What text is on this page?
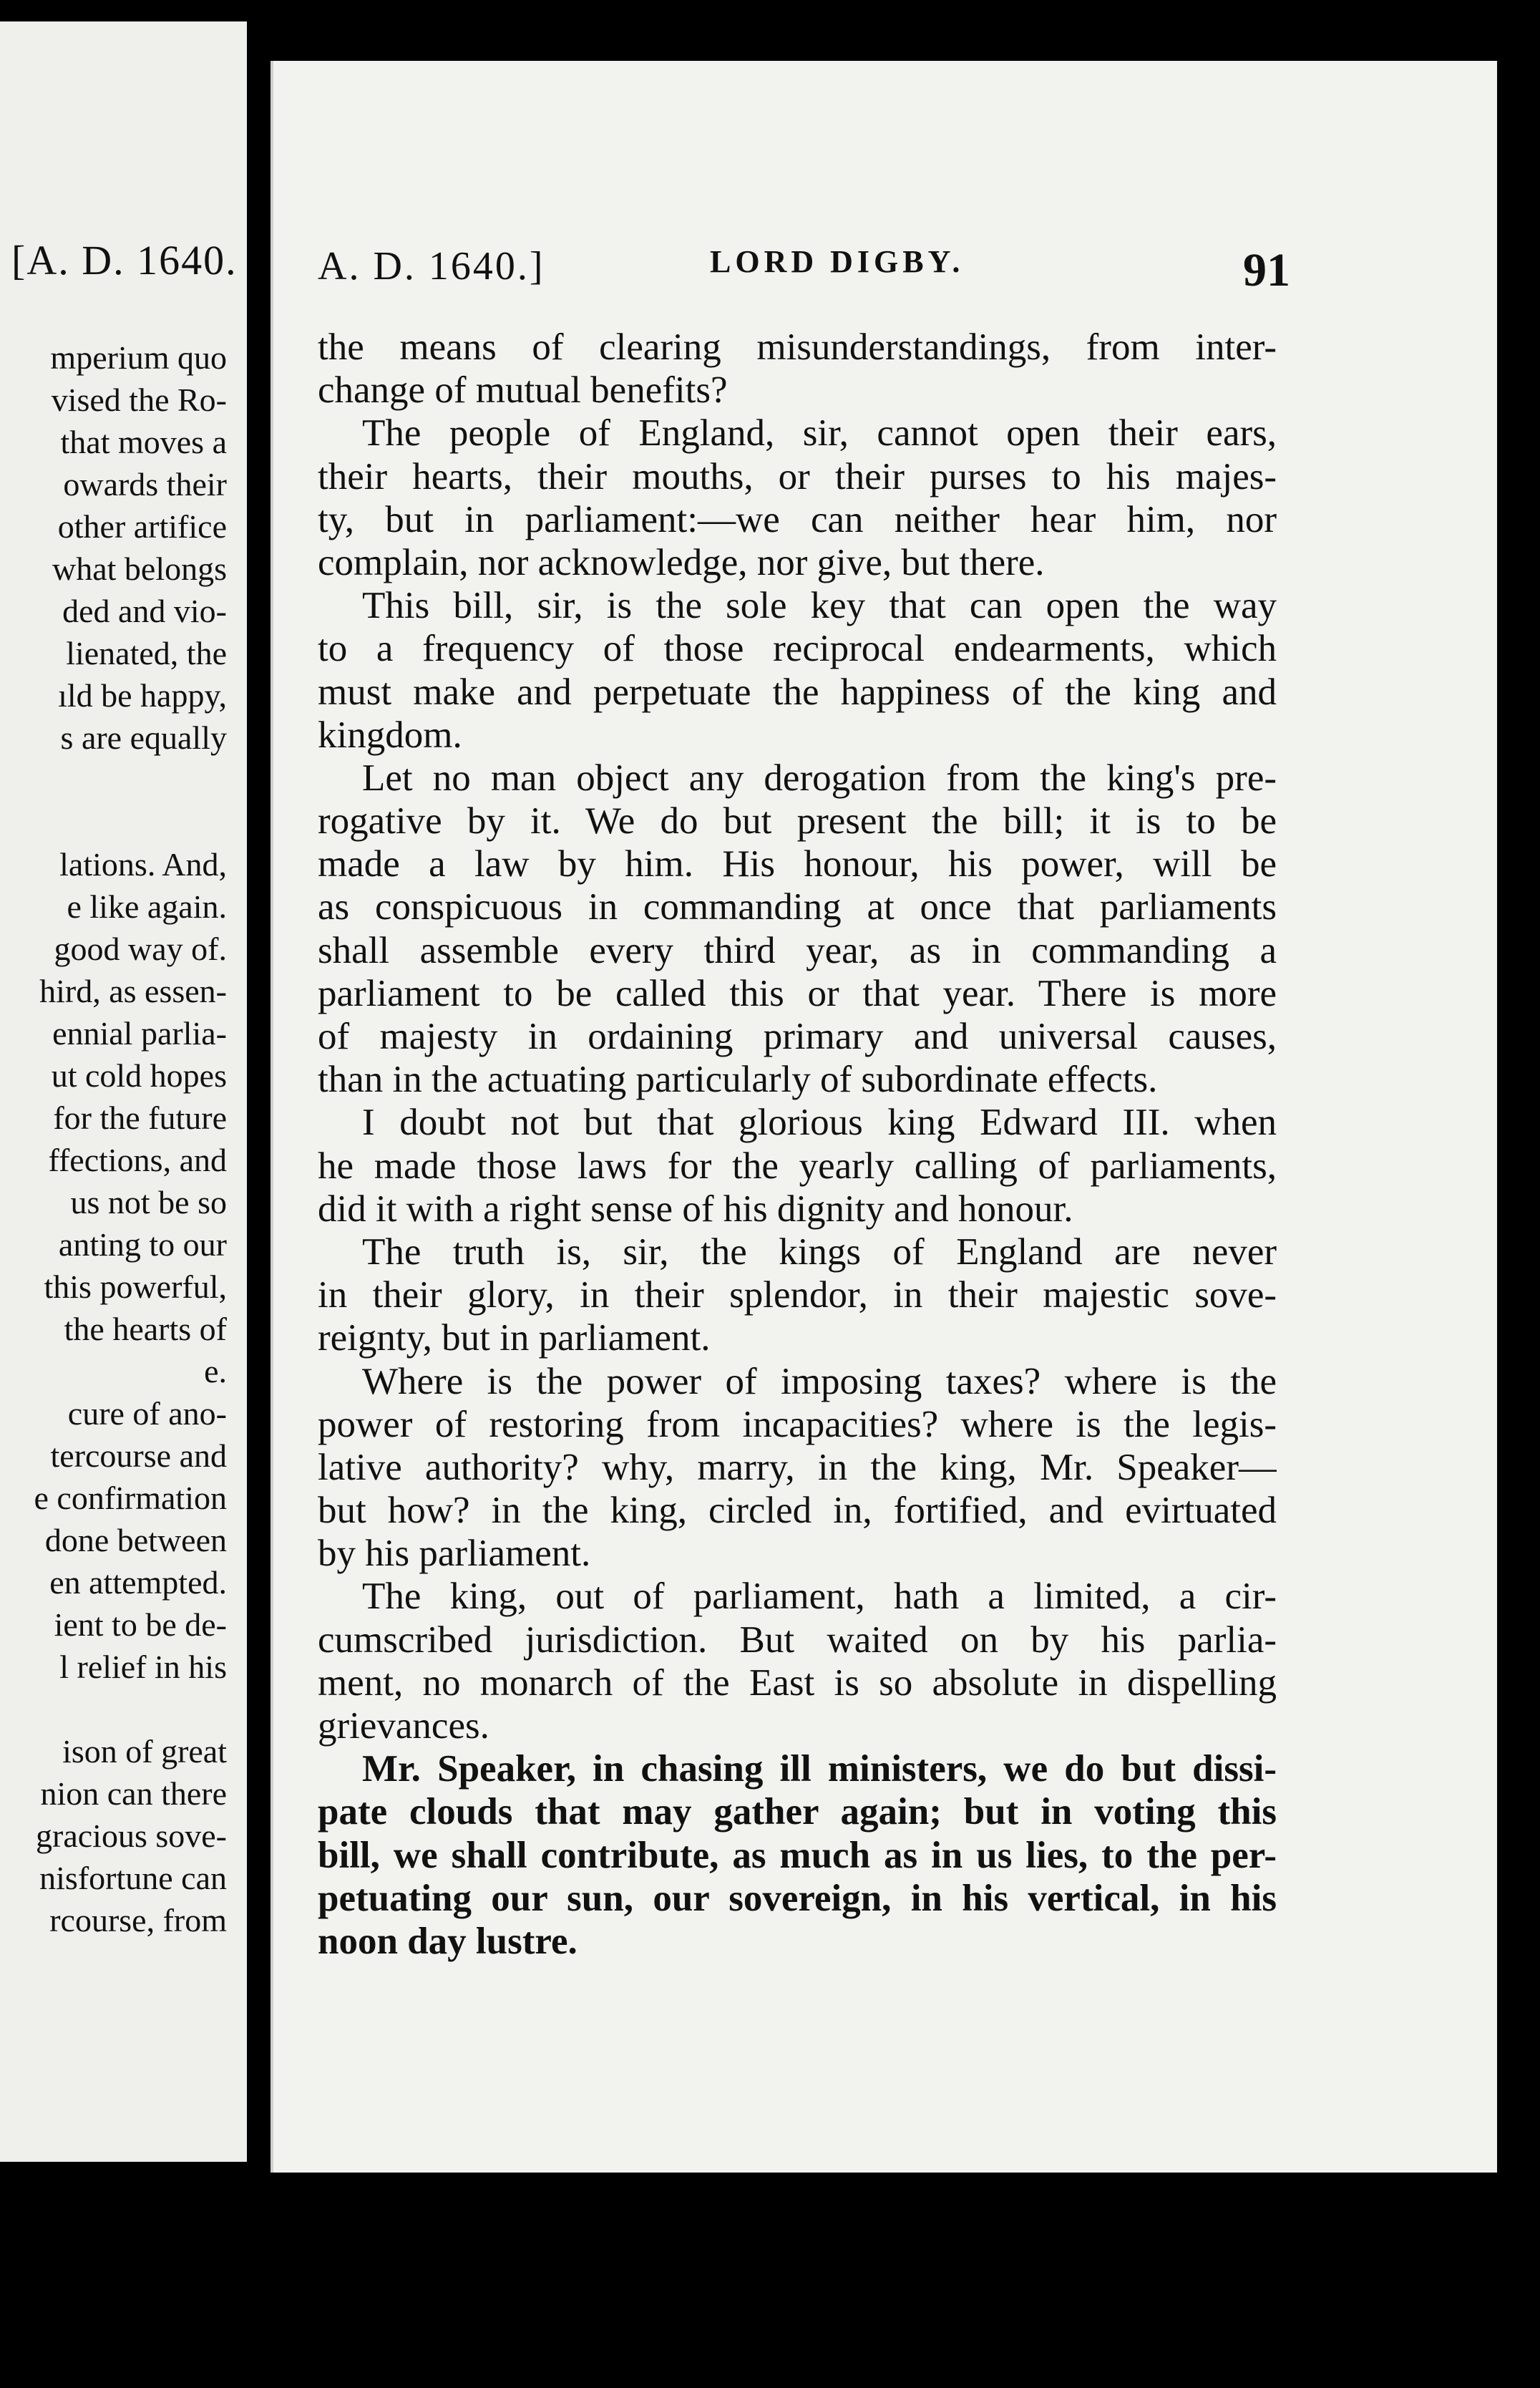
[A. D. 1640.
mperium quo
vised the Ro-
that moves a
owards their
other artifice
what belongs
ded and vio-
lienated, the
ıld be happy,
s are equally
lations. And,
e like again.
good way of.
hird, as essen-
ennial parlia-
ut cold hopes
for the future
ffections, and
us not be so
anting to our
this powerful,
the hearts of
e.
cure of ano-
tercourse and
e confirmation
done between
en attempted.
ient to be de-
l relief in his
ison of great
nion can there
gracious sove-
nisfortune can
rcourse, from
A. D. 1640.]	LORD DIGBY.	91
the means of clearing misunderstandings, from inter-
change of mutual benefits?
The people of England, sir, cannot open their ears,
their hearts, their mouths, or their purses to his majes-
ty, but in parliament:—we can neither hear him, nor
complain, nor acknowledge, nor give, but there.
This bill, sir, is the sole key that can open the way
to a frequency of those reciprocal endearments, which
must make and perpetuate the happiness of the king and
kingdom.
Let no man object any derogation from the king's pre-
rogative by it. We do but present the bill; it is to be
made a law by him. His honour, his power, will be
as conspicuous in commanding at once that parliaments
shall assemble every third year, as in commanding a
parliament to be called this or that year. There is more
of majesty in ordaining primary and universal causes,
than in the actuating particularly of subordinate effects.
I doubt not but that glorious king Edward III. when
he made those laws for the yearly calling of parliaments,
did it with a right sense of his dignity and honour.
The truth is, sir, the kings of England are never
in their glory, in their splendor, in their majestic sove-
reignty, but in parliament.
Where is the power of imposing taxes? where is the
power of restoring from incapacities? where is the legis-
lative authority? why, marry, in the king, Mr. Speaker—
but how? in the king, circled in, fortified, and evirtuated
by his parliament.
The king, out of parliament, hath a limited, a cir-
cumscribed jurisdiction. But waited on by his parlia-
ment, no monarch of the East is so absolute in dispelling
grievances.
Mr. Speaker, in chasing ill ministers, we do but dissi-
pate clouds that may gather again; but in voting this
bill, we shall contribute, as much as in us lies, to the per-
petuating our sun, our sovereign, in his vertical, in his
noon day lustre.
